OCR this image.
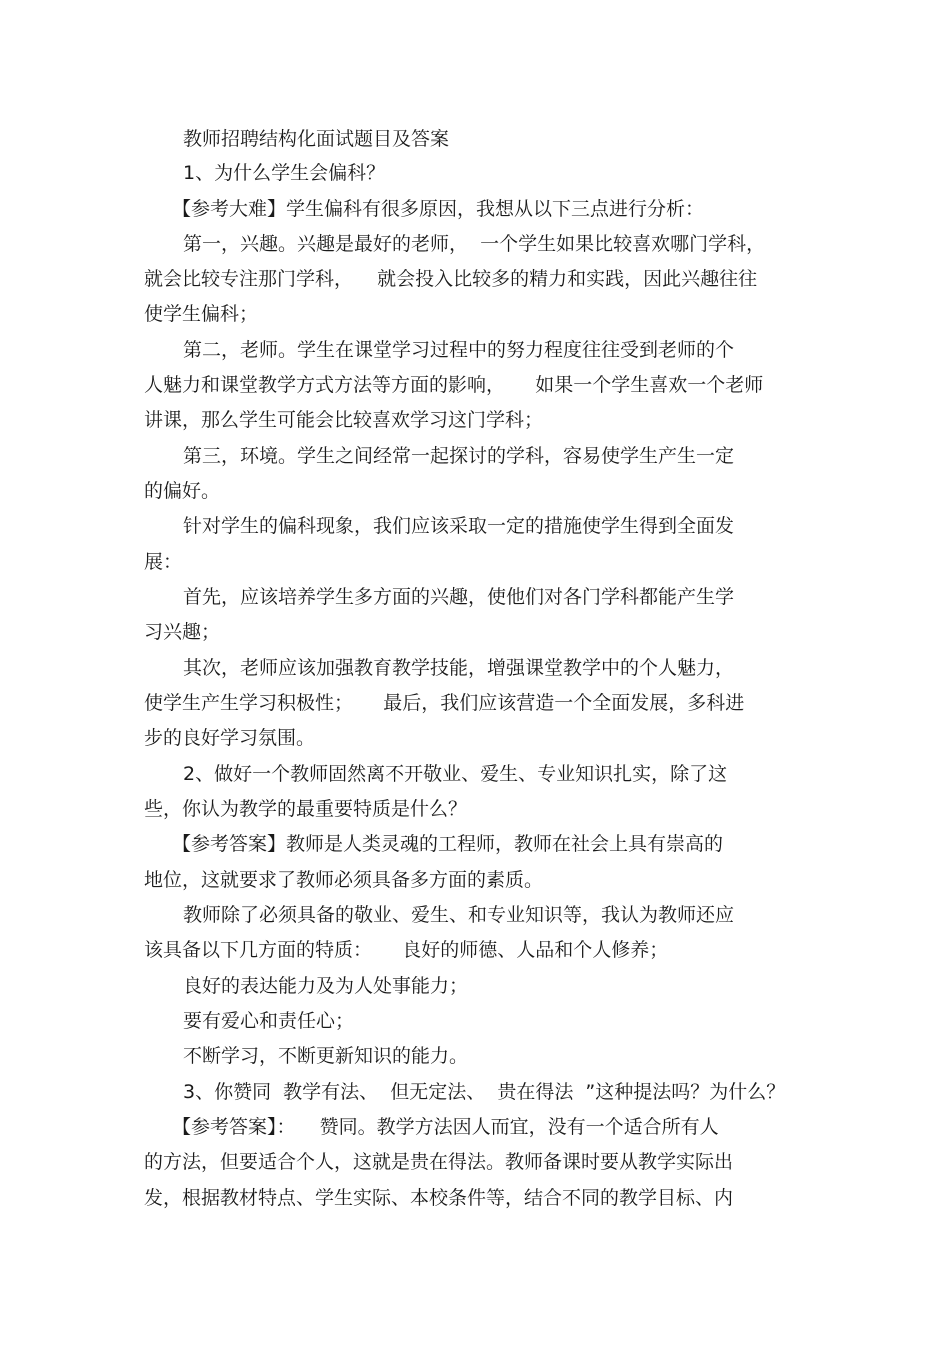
教师招聘结构化面试题目及答案
1、为什么学生会偏科？
【参考大难】学生偏科有很多原因，我想从以下三点进行分析：
第一，兴趣。兴趣是最好的老师，  一个学生如果比较喜欢哪门学科，
就会比较专注那门学科，    就会投入比较多的精力和实践，因此兴趣往往
使学生偏科；
第二，老师。学生在课堂学习过程中的努力程度往往受到老师的个
人魅力和课堂教学方式方法等方面的影响，     如果一个学生喜欢一个老师
讲课，那么学生可能会比较喜欢学习这门学科；
第三，环境。学生之间经常一起探讨的学科，容易使学生产生一定
的偏好。
针对学生的偏科现象，我们应该采取一定的措施使学生得到全面发
展：
首先，应该培养学生多方面的兴趣，使他们对各门学科都能产生学
习兴趣；
其次，老师应该加强教育教学技能，增强课堂教学中的个人魅力，
使学生产生学习积极性；     最后，我们应该营造一个全面发展，多科进
步的良好学习氛围。
2、做好一个教师固然离不开敬业、爱生、专业知识扎实，除了这
些，你认为教学的最重要特质是什么？
【参考答案】教师是人类灵魂的工程师，教师在社会上具有崇高的
地位，这就要求了教师必须具备多方面的素质。
教师除了必须具备的敬业、爱生、和专业知识等，我认为教师还应
该具备以下几方面的特质：     良好的师德、人品和个人修养；
良好的表达能力及为人处事能力；
要有爱心和责任心；
不断学习，不断更新知识的能力。
3、你赞同  教学有法、  但无定法、  贵在得法  ”这种提法吗？为什么？
【参考答案】：    赞同。教学方法因人而宜，没有一个适合所有人
的方法，但要适合个人，这就是贵在得法。教师备课时要从教学实际出
发，根据教材特点、学生实际、本校条件等，结合不同的教学目标、内
